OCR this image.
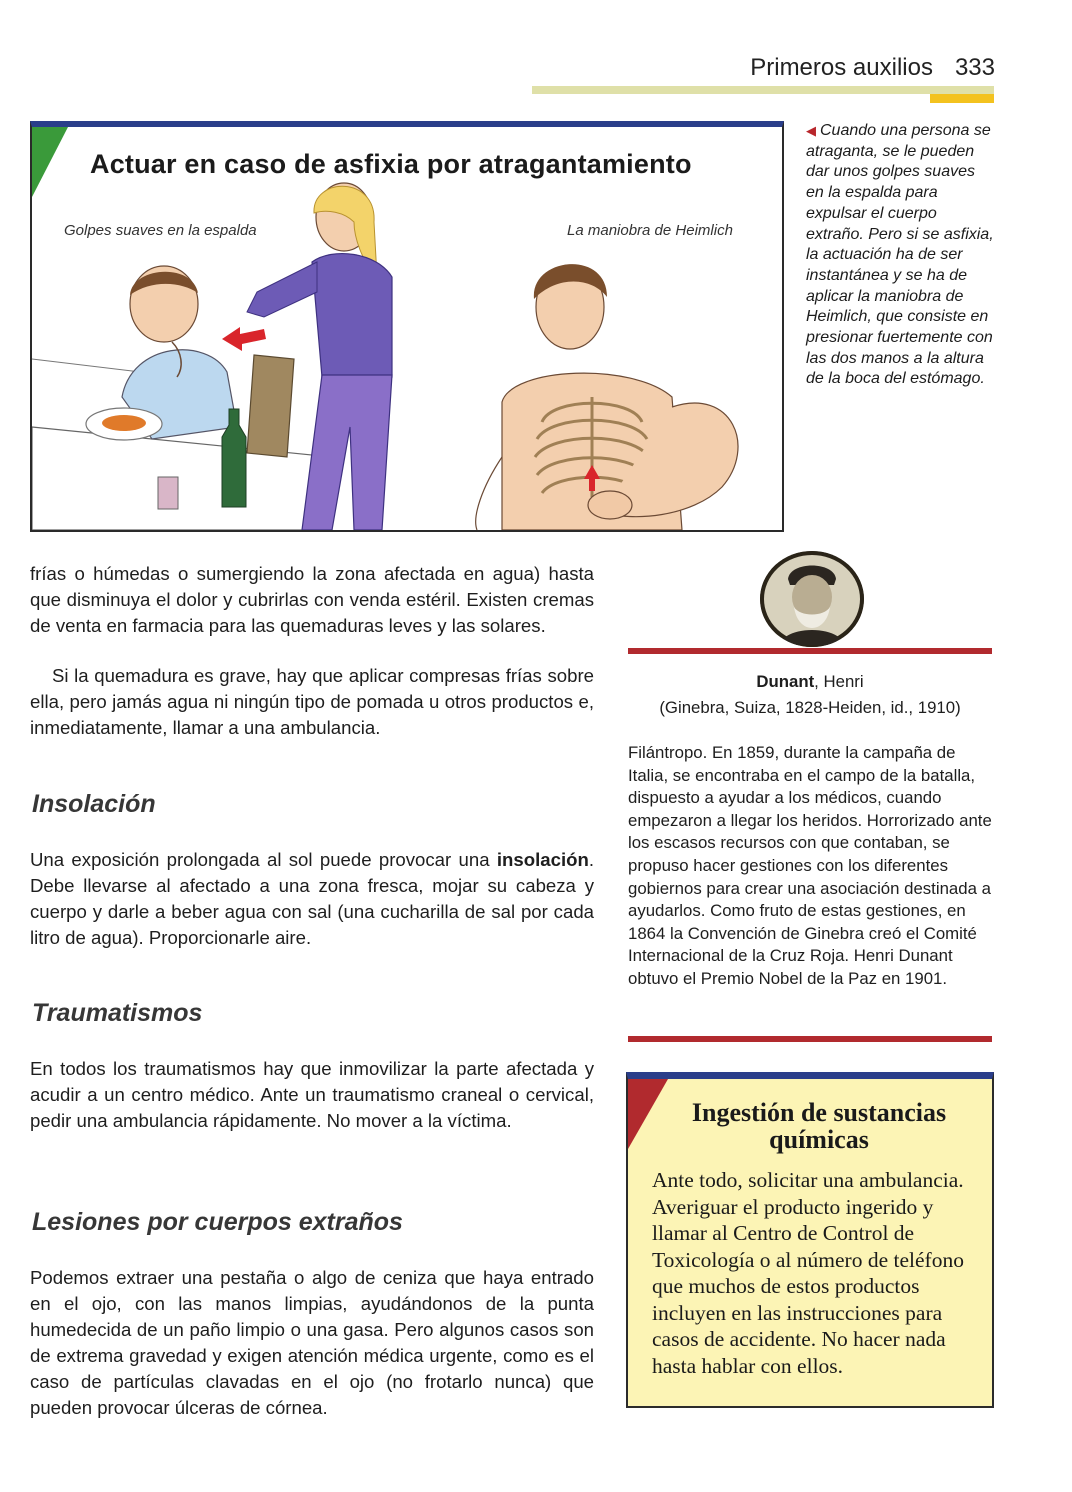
Primeros auxilios 333
Actuar en caso de asfixia por atragantamiento
Golpes suaves en la espalda	La maniobra de Heimlich
◀ Cuando una persona se atraganta, se le pueden dar unos golpes suaves en la espalda para expulsar el cuerpo extraño. Pero si se asfixia, la actuación ha de ser instantánea y se ha de aplicar la maniobra de Heimlich, que consiste en presionar fuertemente con las dos manos a la altura de la boca del estómago.
frías o húmedas o sumergiendo la zona afectada en agua) hasta que disminuya el dolor y cubrirlas con venda estéril. Existen cremas de venta en farmacia para las quemaduras leves y las solares.
Si la quemadura es grave, hay que aplicar compresas frías sobre ella, pero jamás agua ni ningún tipo de pomada u otros productos e, inmediatamente, llamar a una ambulancia.
Insolación
Una exposición prolongada al sol puede provocar una insolación. Debe llevarse al afectado a una zona fresca, mojar su cabeza y cuerpo y darle a beber agua con sal (una cucharilla de sal por cada litro de agua). Proporcionarle aire.
Traumatismos
En todos los traumatismos hay que inmovilizar la parte afectada y acudir a un centro médico. Ante un traumatismo craneal o cervical, pedir una ambulancia rápidamente. No mover a la víctima.
Lesiones por cuerpos extraños
Podemos extraer una pestaña o algo de ceniza que haya entrado en el ojo, con las manos limpias, ayudándonos de la punta humedecida de un paño limpio o una gasa. Pero algunos casos son de extrema gravedad y exigen atención médica urgente, como es el caso de partículas clavadas en el ojo (no frotarlo nunca) que pueden provocar úlceras de córnea.
Dunant, Henri
(Ginebra, Suiza, 1828-Heiden, id., 1910)
Filántropo. En 1859, durante la campaña de Italia, se encontraba en el campo de la batalla, dispuesto a ayudar a los médicos, cuando empezaron a llegar los heridos. Horrorizado ante los escasos recursos con que contaban, se propuso hacer gestiones con los diferentes gobiernos para crear una asociación destinada a ayudarlos. Como fruto de estas gestiones, en 1864 la Convención de Ginebra creó el Comité Internacional de la Cruz Roja. Henri Dunant obtuvo el Premio Nobel de la Paz en 1901.
Ingestión de sustancias químicas
Ante todo, solicitar una ambulancia. Averiguar el producto ingerido y llamar al Centro de Control de Toxicología o al número de teléfono que muchos de estos productos incluyen en las instrucciones para casos de accidente. No hacer nada hasta hablar con ellos.
